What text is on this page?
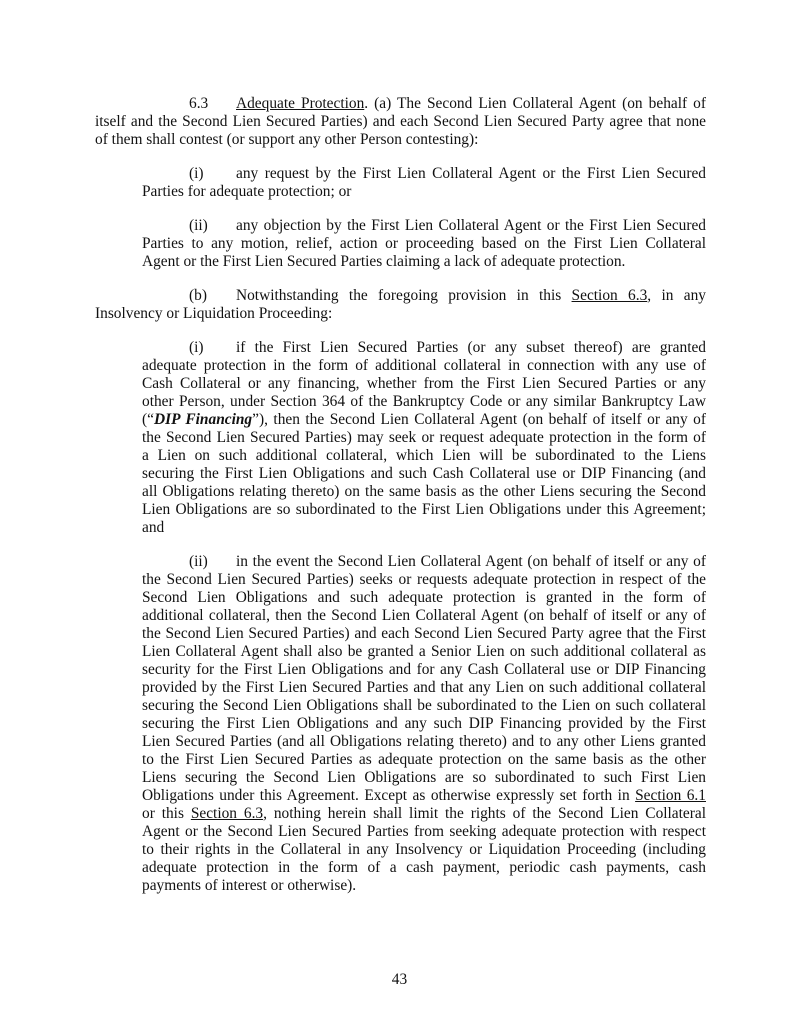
6.3 Adequate Protection. (a) The Second Lien Collateral Agent (on behalf of
itself and the Second Lien Secured Parties) and each Second Lien Secured Party agree that none
of them shall contest (or support any other Person contesting):
(i) any request by the First Lien Collateral Agent or the First Lien Secured
Parties for adequate protection; or
(ii) any objection by the First Lien Collateral Agent or the First Lien Secured
Parties to any motion, relief, action or proceeding based on the First Lien Collateral
Agent or the First Lien Secured Parties claiming a lack of adequate protection.
(b) Notwithstanding the foregoing provision in this Section 6.3, in any
Insolvency or Liquidation Proceeding:
(i) if the First Lien Secured Parties (or any subset thereof) are granted
adequate protection in the form of additional collateral in connection with any use of
Cash Collateral or any financing, whether from the First Lien Secured Parties or any
other Person, under Section 364 of the Bankruptcy Code or any similar Bankruptcy Law
(“DIP Financing”), then the Second Lien Collateral Agent (on behalf of itself or any of
the Second Lien Secured Parties) may seek or request adequate protection in the form of
a Lien on such additional collateral, which Lien will be subordinated to the Liens
securing the First Lien Obligations and such Cash Collateral use or DIP Financing (and
all Obligations relating thereto) on the same basis as the other Liens securing the Second
Lien Obligations are so subordinated to the First Lien Obligations under this Agreement;
and
(ii) in the event the Second Lien Collateral Agent (on behalf of itself or any of
the Second Lien Secured Parties) seeks or requests adequate protection in respect of the
Second Lien Obligations and such adequate protection is granted in the form of
additional collateral, then the Second Lien Collateral Agent (on behalf of itself or any of
the Second Lien Secured Parties) and each Second Lien Secured Party agree that the First
Lien Collateral Agent shall also be granted a Senior Lien on such additional collateral as
security for the First Lien Obligations and for any Cash Collateral use or DIP Financing
provided by the First Lien Secured Parties and that any Lien on such additional collateral
securing the Second Lien Obligations shall be subordinated to the Lien on such collateral
securing the First Lien Obligations and any such DIP Financing provided by the First
Lien Secured Parties (and all Obligations relating thereto) and to any other Liens granted
to the First Lien Secured Parties as adequate protection on the same basis as the other
Liens securing the Second Lien Obligations are so subordinated to such First Lien
Obligations under this Agreement. Except as otherwise expressly set forth in Section 6.1
or this Section 6.3, nothing herein shall limit the rights of the Second Lien Collateral
Agent or the Second Lien Secured Parties from seeking adequate protection with respect
to their rights in the Collateral in any Insolvency or Liquidation Proceeding (including
adequate protection in the form of a cash payment, periodic cash payments, cash
payments of interest or otherwise).
43
